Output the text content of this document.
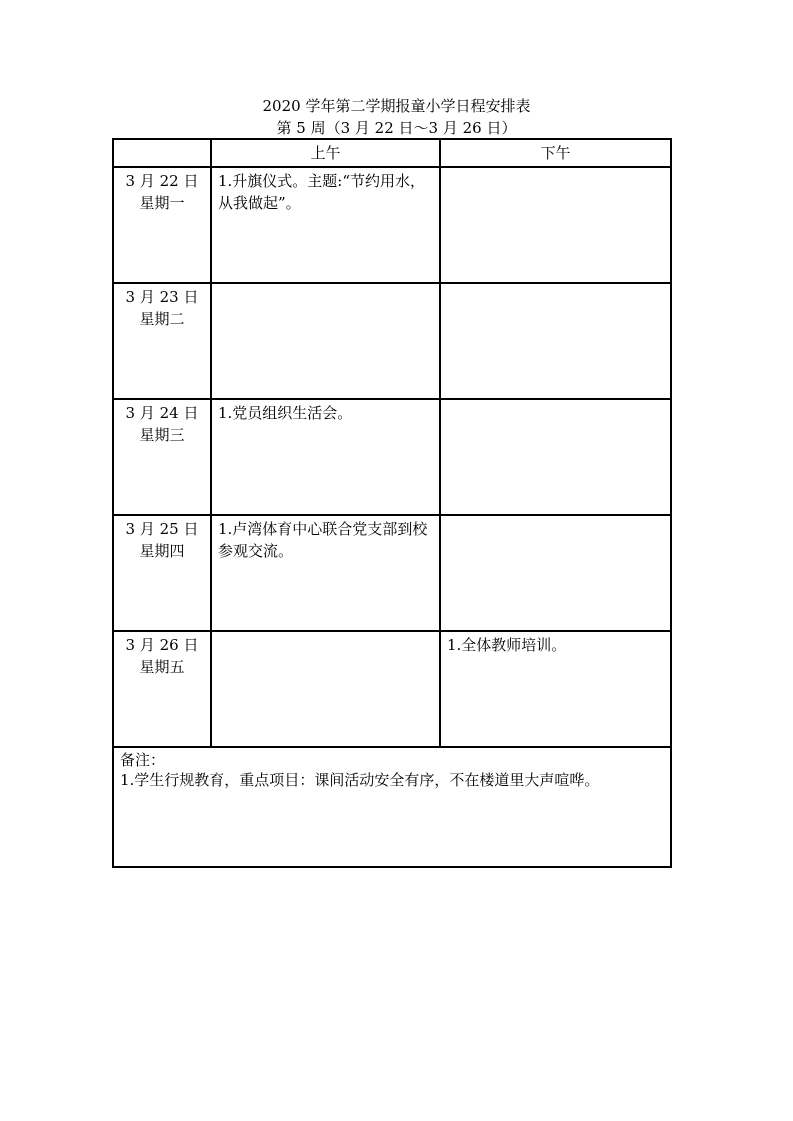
2020 学年第二学期报童小学日程安排表
第 5 周（3 月 22 日～3 月 26 日）
	上午	下午

3 月 22 日
星期一	1.升旗仪式。主题:“节约用水，从我做起”。	

3 月 23 日
星期二		

3 月 24 日
星期三	1.党员组织生活会。	

3 月 25 日
星期四	1.卢湾体育中心联合党支部到校参观交流。	

3 月 26 日
星期五		1.全体教师培训。

备注：
1.学生行规教育，重点项目：课间活动安全有序，不在楼道里大声喧哗。		
